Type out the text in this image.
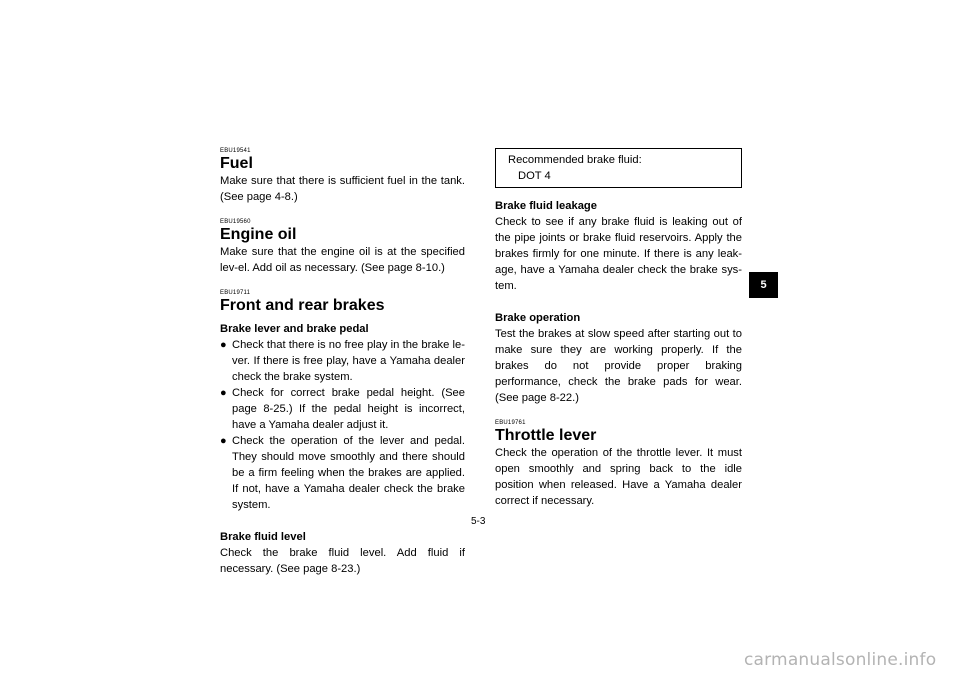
EBU19541
Fuel

Make sure that there is sufficient fuel in the tank. (See page 4-8.)

EBU19560
Engine oil

Make sure that the engine oil is at the specified lev-el. Add oil as necessary. (See page 8-10.)

EBU19711
Front and rear brakes
Brake lever and brake pedal
● Check that there is no free play in the brake le-ver. If there is free play, have a Yamaha dealer check the brake system.
● Check for correct brake pedal height. (See page 8-25.) If the pedal height is incorrect, have a Yamaha dealer adjust it.
● Check the operation of the lever and pedal. They should move smoothly and there should be a firm feeling when the brakes are applied. If not, have a Yamaha dealer check the brake system.
Brake fluid level

Check the brake fluid level. Add fluid if necessary. (See page 8-23.)

Recommended brake fluid:
DOT 4
Brake fluid leakage

Check to see if any brake fluid is leaking out of the pipe joints or brake fluid reservoirs. Apply the brakes firmly for one minute. If there is any leak-age, have a Yamaha dealer check the brake sys-tem.

Brake operation

Test the brakes at slow speed after starting out to make sure they are working properly. If the brakes do not provide proper braking performance, check the brake pads for wear. (See page 8-22.)

EBU19761
Throttle lever

Check the operation of the throttle lever. It must open smoothly and spring back to the idle position when released. Have a Yamaha dealer correct if necessary.

5-3
5
carmanualsonline.info
